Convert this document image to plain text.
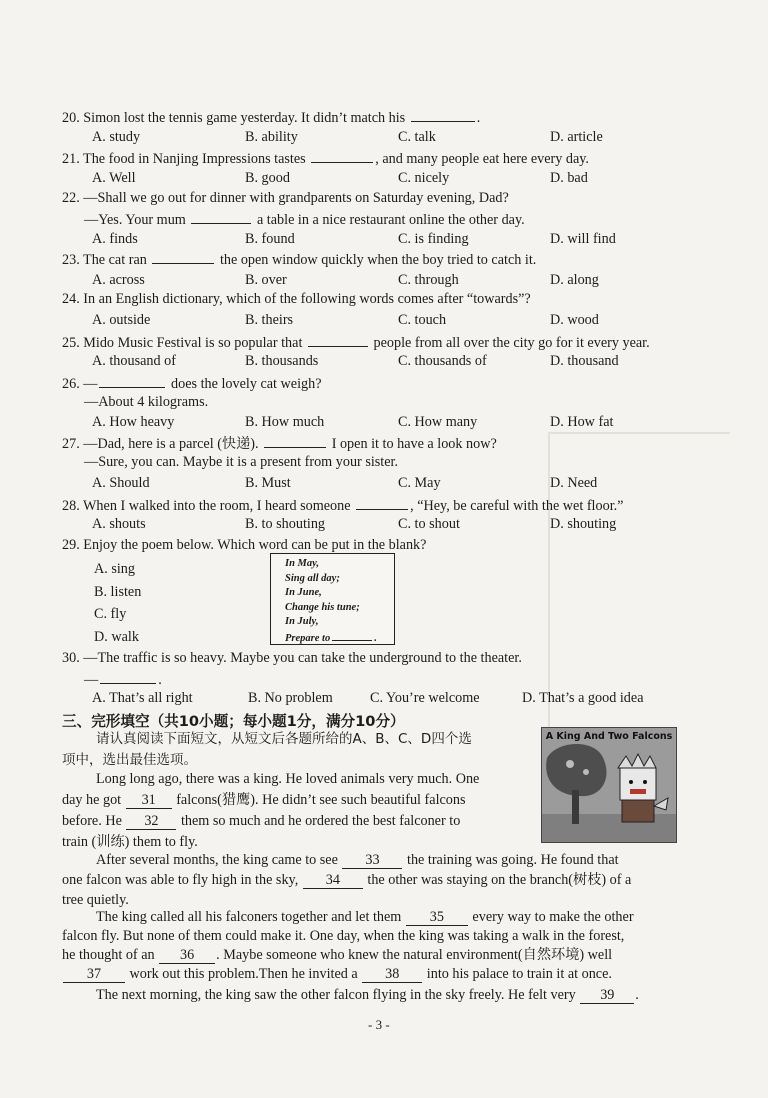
20. Simon lost the tennis game yesterday. It didn’t match his	.
A. study	B. ability	C. talk	D. article
21. The food in Nanjing Impressions tastes	, and many people eat here every day.
A. Well	B. good	C. nicely	D. bad
22. —Shall we go out for dinner with grandparents on Saturday evening, Dad?
—Yes. Your mum	a table in a nice restaurant online the other day.
A. finds	B. found	C. is finding	D. will find
23. The cat ran	the open window quickly when the boy tried to catch it.
A. across	B. over	C. through	D. along
24. In an English dictionary, which of the following words comes after “towards”?
A. outside	B. theirs	C. touch	D. wood
25. Mido Music Festival is so popular that	people from all over the city go for it every year.
A. thousand of	B. thousands	C. thousands of	D. thousand
26. —	does the lovely cat weigh?
—About 4 kilograms.
A. How heavy	B. How much	C. How many	D. How fat
27. —Dad, here is a parcel (快递).	I open it to have a look now?
—Sure, you can. Maybe it is a present from your sister.
A. Should	B. Must	C. May	D. Need
28. When I walked into the room, I heard someone	, “Hey, be careful with the wet floor.”
A. shouts	B. to shouting	C. to shout	D. shouting
29. Enjoy the poem below. Which word can be put in the blank?
A. sing
B. listen
C. fly
D. walk
In May,
Sing all day;
In June,
Change his tune;
In July,
Prepare to	.
30. —The traffic is so heavy. Maybe you can take the underground to the theater.
—	.
A. That’s all right	B. No problem	C. You’re welcome	D. That’s a good idea
三、完形填空（共10小题；每小题1分，满分10分）
请认真阅读下面短文，从短文后各题所给的A、B、C、D四个选
项中，选出最佳选项。
A King And Two Falcons
Long long ago, there was a king. He loved animals very much. One
day he got 31 falcons(猎鹰). He didn’t see such beautiful falcons
before. He 32 them so much and he ordered the best falconer to
train (训练) them to fly.
After several months, the king came to see 33 the training was going. He found that
one falcon was able to fly high in the sky, 34 the other was staying on the branch(树枝) of a
tree quietly.
The king called all his falconers together and let them 35 every way to make the other
falcon fly. But none of them could make it. One day, when the king was taking a walk in the forest,
he thought of an 36 . Maybe someone who knew the natural environment(自然环境) well
37 work out this problem.Then he invited a 38 into his palace to train it at once.
The next morning, the king saw the other falcon flying in the sky freely. He felt very 39 .
- 3 -
